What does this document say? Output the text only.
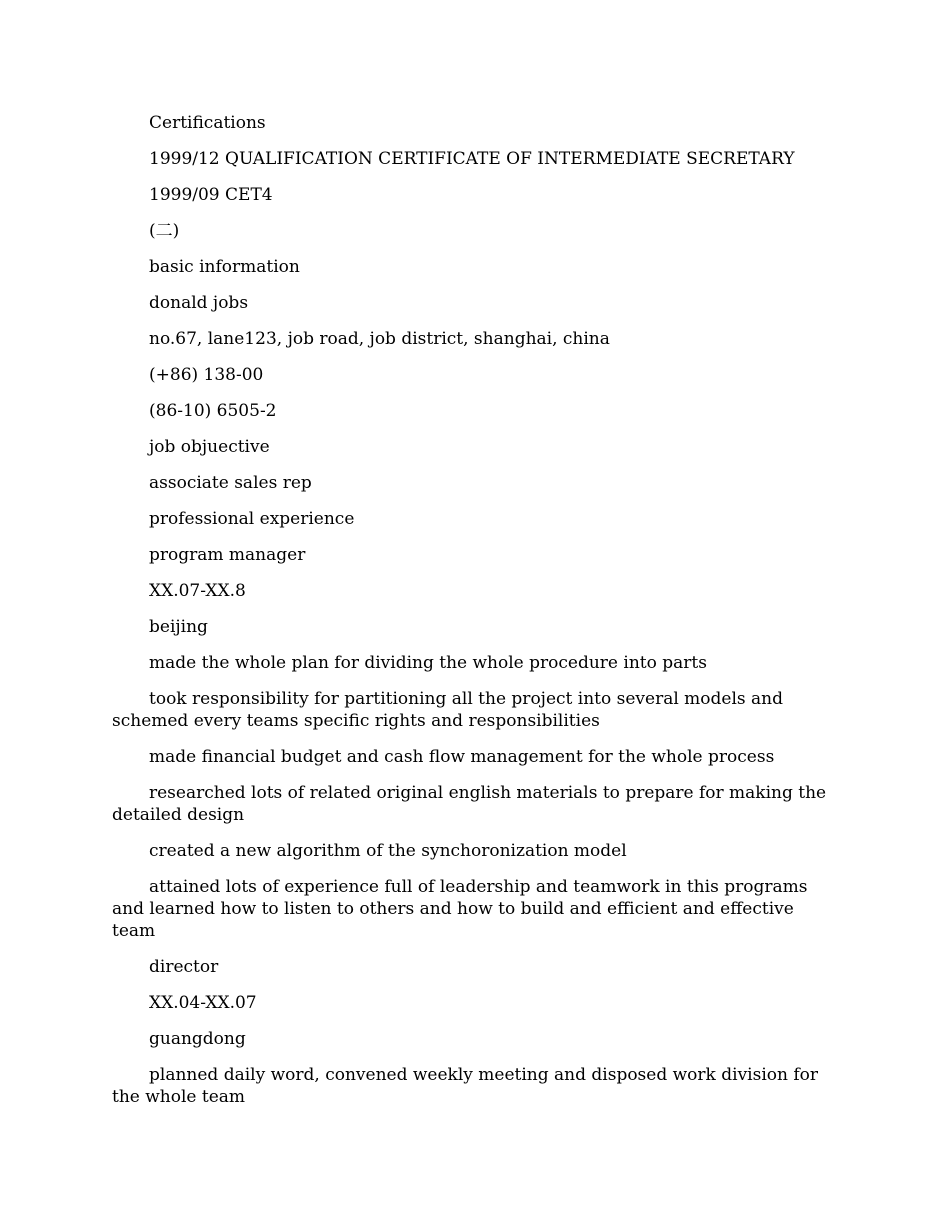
Certifications

1999/12 QUALIFICATION CERTIFICATE OF INTERMEDIATE SECRETARY

1999/09 CET4

(二)

basic information

donald jobs

no.67, lane123, job road, job district, shanghai, china

(+86) 138-00

(86-10) 6505-2

job objuective

associate sales rep

professional experience

program manager

XX.07-XX.8

beijing

made the whole plan for dividing the whole procedure into parts

took responsibility for partitioning all the project into several models and schemed every teams specific rights and responsibilities

made financial budget and cash flow management for the whole process

researched lots of related original english materials to prepare for making the detailed design

created a new algorithm of the synchoronization model

attained lots of experience full of leadership and teamwork in this programs and learned how to listen to others and how to build and efficient and effective team

director

XX.04-XX.07

guangdong

planned daily word, convened weekly meeting and disposed work division for the whole team
